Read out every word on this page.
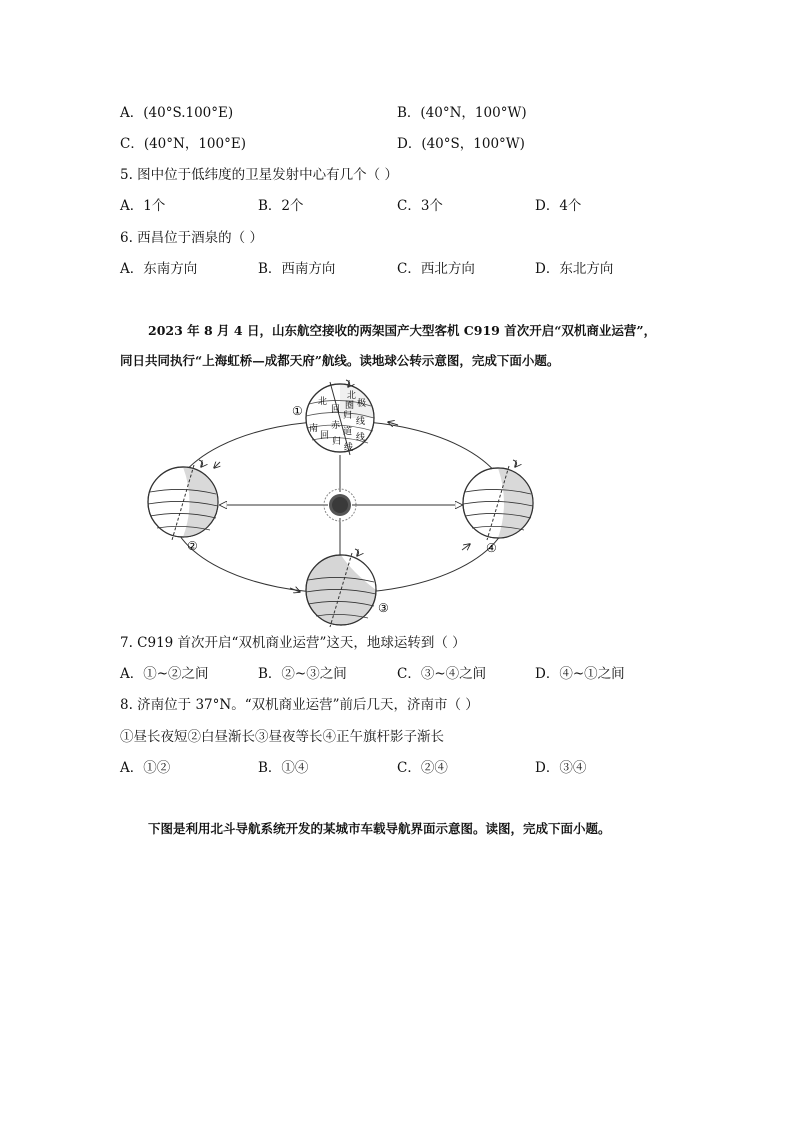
A．(40°S.100°E)	B．(40°N，100°W)
C．(40°N，100°E)	D．(40°S，100°W)
5. 图中位于低纬度的卫星发射中心有几个（ ）
A．1个	B．2个	C．3个	D．4个
6. 西昌位于酒泉的（ ）
A．东南方向	B．西南方向	C．西北方向	D．东北方向
2023 年 8 月 4 日，山东航空接收的两架国产大型客机 C919 首次开启“双机商业运营”，
同日共同执行“上海虹桥—成都天府”航线。读地球公转示意图，完成下面小题。
北
极
圈
北
回
归
线
赤
道
线
南
回
归
线
①
②
③
④
7. C919 首次开启“双机商业运营”这天，地球运转到（ ）
A．①~②之间	B．②~③之间	C．③~④之间	D．④~①之间
8. 济南位于 37°N。“双机商业运营”前后几天，济南市（ ）
①昼长夜短②白昼渐长③昼夜等长④正午旗杆影子渐长
A．①②	B．①④	C．②④	D．③④
下图是利用北斗导航系统开发的某城市车载导航界面示意图。读图，完成下面小题。
